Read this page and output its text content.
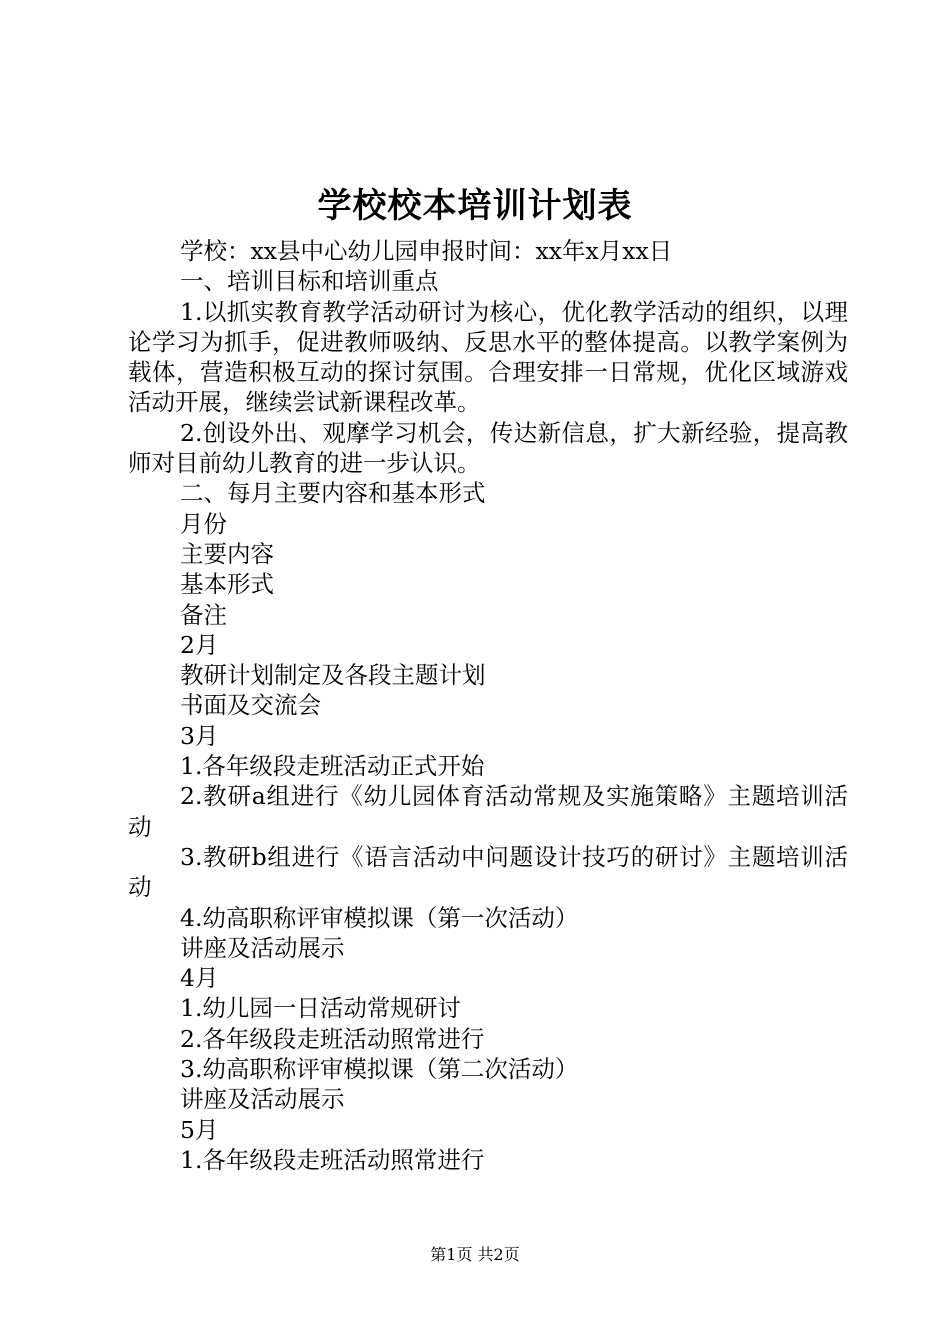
学校校本培训计划表
学校：xx县中心幼儿园申报时间：xx年x月xx日
一、培训目标和培训重点
1.以抓实教育教学活动研讨为核心，优化教学活动的组织，以理论学习为抓手，促进教师吸纳、反思水平的整体提高。以教学案例为载体，营造积极互动的探讨氛围。合理安排一日常规，优化区域游戏活动开展，继续尝试新课程改革。
2.创设外出、观摩学习机会，传达新信息，扩大新经验，提高教师对目前幼儿教育的进一步认识。
二、每月主要内容和基本形式
月份
主要内容
基本形式
备注
2月
教研计划制定及各段主题计划
书面及交流会
3月
1.各年级段走班活动正式开始
2.教研a组进行《幼儿园体育活动常规及实施策略》主题培训活动
3.教研b组进行《语言活动中问题设计技巧的研讨》主题培训活动
4.幼高职称评审模拟课（第一次活动）
讲座及活动展示
4月
1.幼儿园一日活动常规研讨
2.各年级段走班活动照常进行
3.幼高职称评审模拟课（第二次活动）
讲座及活动展示
5月
1.各年级段走班活动照常进行
第1页 共2页
